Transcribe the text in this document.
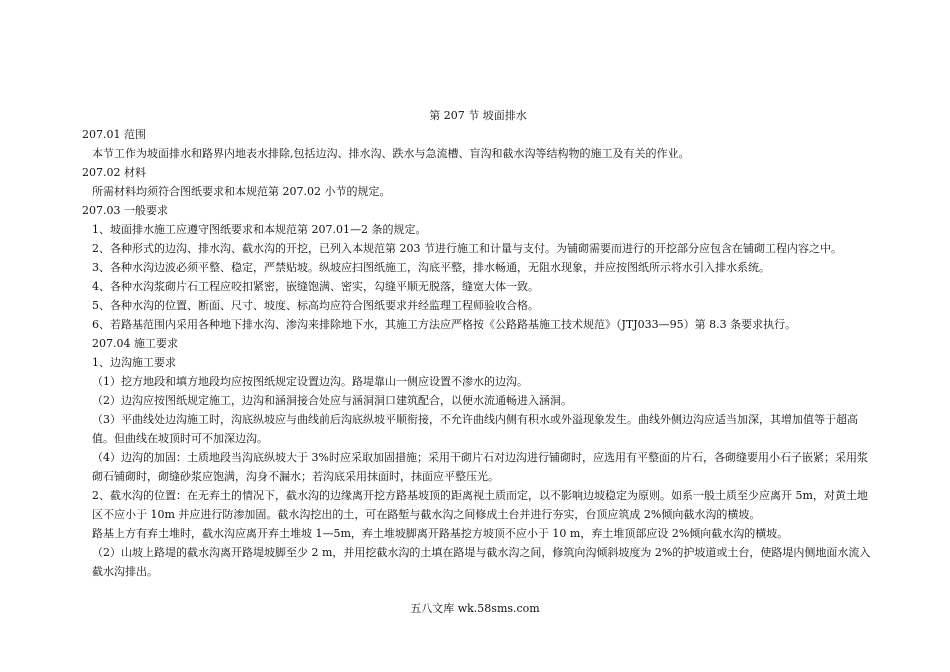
第 207 节 坡面排水

207.01 范围

本节工作为坡面排水和路界内地表水排除,包括边沟、排水沟、跌水与急流槽、盲沟和截水沟等结构物的施工及有关的作业。

207.02 材料

所需材料均须符合图纸要求和本规范第 207.02 小节的规定。

207.03 一般要求

1、坡面排水施工应遵守图纸要求和本规范第 207.01—2 条的规定。

2、各种形式的边沟、排水沟、截水沟的开挖，已列入本规范第 203 节进行施工和计量与支付。为铺砌需要而进行的开挖部分应包含在铺砌工程内容之中。

3、各种水沟边波必须平整、稳定，严禁贴坡。纵坡应扫图纸施工，沟底平整，排水畅通，无阻水现象，并应按图纸所示将水引入排水系统。

4、各种水沟浆砌片石工程应咬扣紧密，嵌缝饱满、密实，勾缝平顺无脱落，缝宽大体一致。

5、各种水沟的位置、断面、尺寸、坡度、标高均应符合图纸要求并经监理工程师验收合格。

6、若路基范围内采用各种地下排水沟、渗沟来排除地下水，其施工方法应严格按《公路路基施工技术规范》（JTJ033—95）第 8.3 条要求执行。

207.04 施工要求

1、边沟施工要求

（1）挖方地段和填方地段均应按图纸规定设置边沟。路堤靠山一侧应设置不渗水的边沟。

（2）边沟应按图纸规定施工，边沟和涵洞接合处应与涵洞洞口建筑配合，以便水流通畅进入涵洞。

（3）平曲线处边沟施工时，沟底纵坡应与曲线前后沟底纵坡平顺衔接，不允许曲线内侧有积水或外溢现象发生。曲线外侧边沟应适当加深，其增加值等于超高值。但曲线在坡顶时可不加深边沟。

（4）边沟的加固：土质地段当沟底纵坡大于 3%时应采取加固措施；采用干砌片石对边沟进行铺砌时，应选用有平整面的片石，各砌缝要用小石子嵌紧；采用浆砌石铺砌时，砌缝砂浆应饱满，沟身不漏水；若沟底采用抹面时，抹面应平整压光。

2、截水沟的位置：在无弃土的情况下，截水沟的边缘离开挖方路基坡顶的距离视土质而定，以不影响边坡稳定为原则。如系一般土质至少应离开 5m，对黄土地区不应小于 10m 并应进行防渗加固。截水沟挖出的土，可在路堑与截水沟之间修成土台并进行夯实，台顶应筑成 2%倾向截水沟的横坡。

路基上方有弃土堆时，截水沟应离开弃土堆坡 1—5m，弃土堆坡脚离开路基挖方坡顶不应小于 10 m，弃土堆顶部应设 2%倾向截水沟的横坡。

（2）山坡上路堤的截水沟离开路堤坡脚至少 2 m，并用挖截水沟的土填在路堤与截水沟之间，修筑向沟倾斜坡度为 2%的护坡道或土台，使路堤内侧地面水流入截水沟排出。

五八文库 wk.58sms.com
